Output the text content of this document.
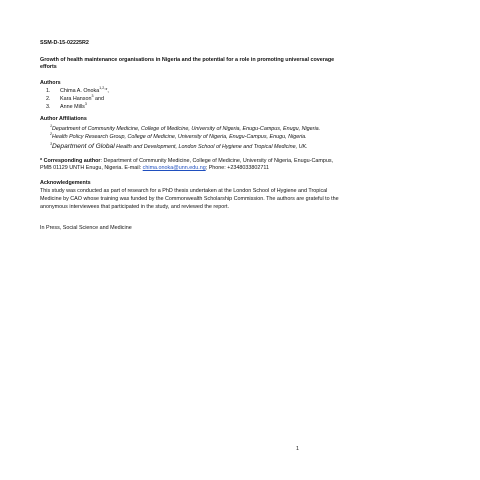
SSM-D-15-02225R2

Growth of health maintenance organisations in Nigeria and the potential for a role in promoting universal coverage efforts

Authors

1.	Chima A. Onoka$^{1,2,}$*,
2.	Kara Hanson$^3$ and
3.	Anne Mills$^3$

Author Affiliations

$^1$Department of Community Medicine, College of Medicine, University of Nigeria, Enugu-Campus, Enugu, Nigeria.

$^2$Health Policy Research Group, College of Medicine, University of Nigeria, Enugu-Campus, Enugu, Nigeria.

$^3$Department of Global Health and Development, London School of Hygiene and Tropical Medicine, UK.

* Corresponding author: Department of Community Medicine, College of Medicine, University of Nigeria, Enugu-Campus, PMB 01129 UNTH Enugu, Nigeria. E-mail: chima.onoka@unn.edu.ng; Phone: +2348033802711

Acknowledgements

This study was conducted as part of research for a PhD thesis undertaken at the London School of Hygiene and Tropical Medicine by CAO whose training was funded by the Commonwealth Scholarship Commission. The authors are grateful to the anonymous interviewees that participated in the study, and reviewed the report.

In Press, Social Science and Medicine

1
